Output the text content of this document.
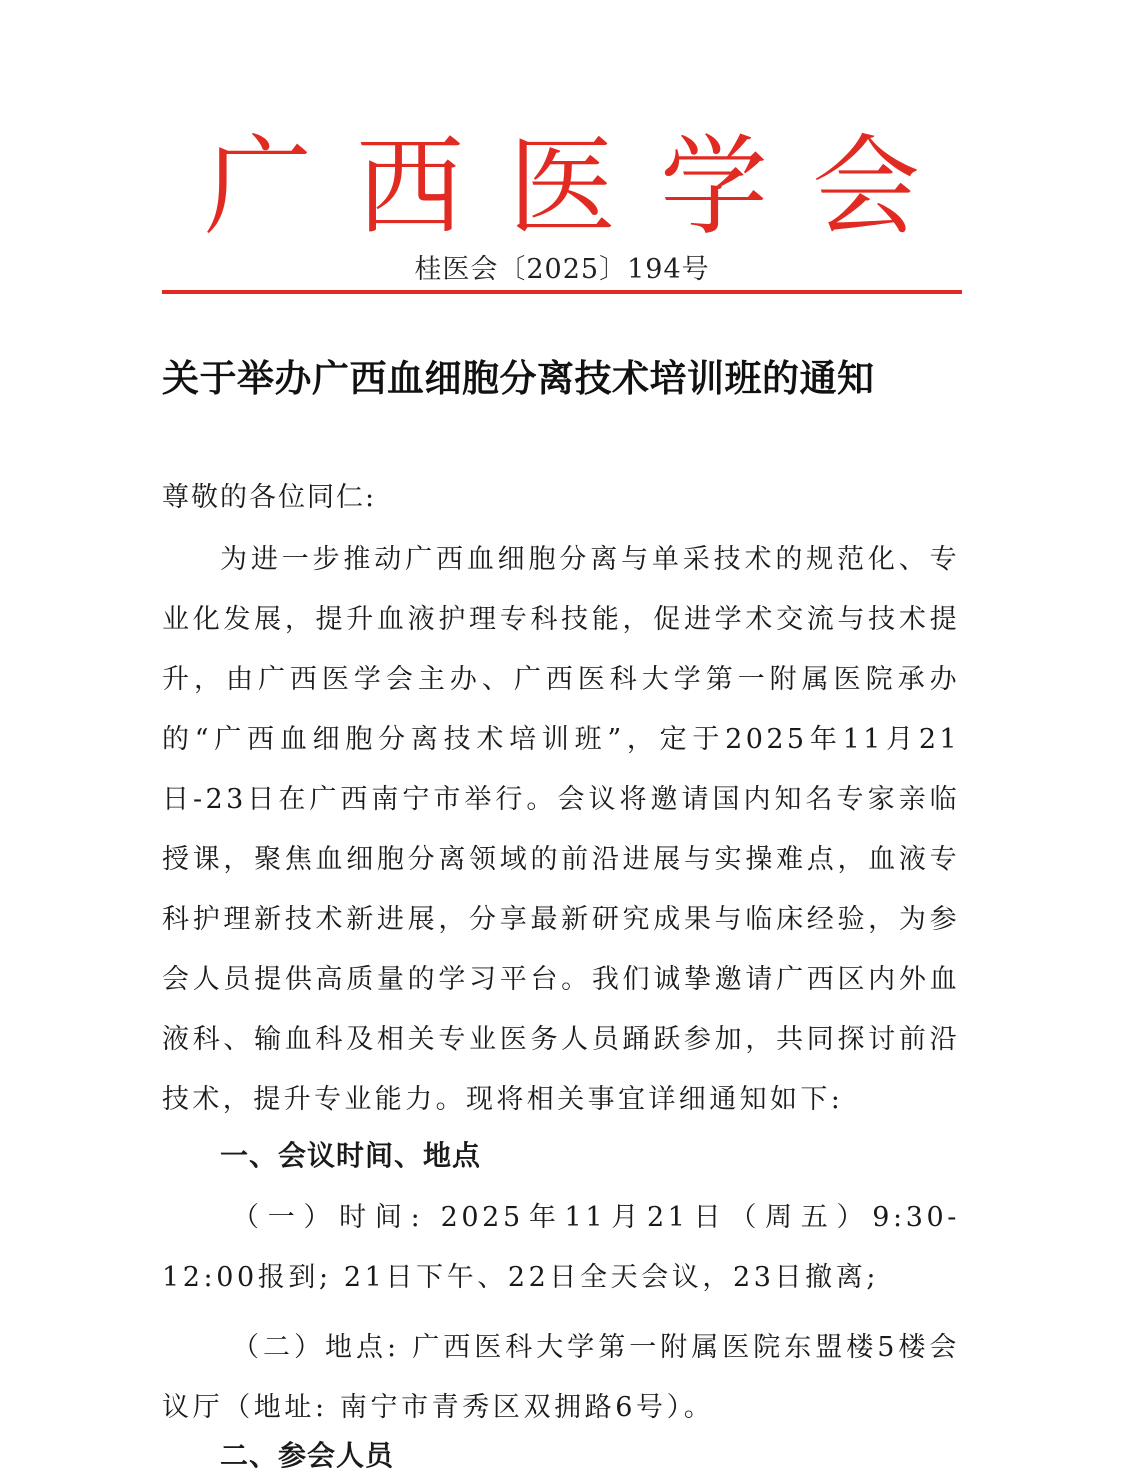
广西医学会
桂医会〔2025〕194号
关于举办广西血细胞分离技术培训班的通知
尊敬的各位同仁:
为进一步推动广西血细胞分离与单采技术的规范化、专业化发展，提升血液护理专科技能，促进学术交流与技术提升，由广西医学会主办、广西医科大学第一附属医院承办的“广西血细胞分离技术培训班”，定于2025年11月21日-23日在广西南宁市举行。会议将邀请国内知名专家亲临授课，聚焦血细胞分离领域的前沿进展与实操难点，血液专科护理新技术新进展，分享最新研究成果与临床经验，为参会人员提供高质量的学习平台。我们诚挚邀请广西区内外血液科、输血科及相关专业医务人员踊跃参加，共同探讨前沿技术，提升专业能力。现将相关事宜详细通知如下:
一、会议时间、地点
（一）时间: 2025年11月21日（周五）9:30-12:00报到; 21日下午、22日全天会议，23日撤离;
（二）地点: 广西医科大学第一附属医院东盟楼5楼会议厅（地址: 南宁市青秀区双拥路6号）。
二、参会人员
